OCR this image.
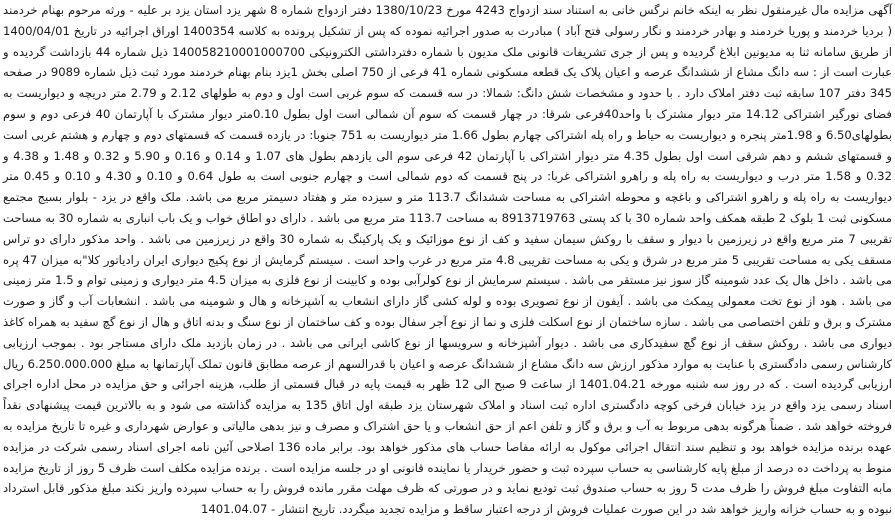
آگهی مزایده مال غیرمنقول نظر به اینکه خانم نرگس خانی به استناد سند ازدواج 4243 مورخ 1380/10/23 دفتر ازدواج شماره 8 شهر یزد استان یزد بر علیه - ورثه مرحوم بهنام خردمند ( بردیا خردمند و پوریا خردمند و بهادر خردمند و نگار رسولی فتح آباد ) مبادرت به صدور اجرائیه نموده که پس از تشکیل پرونده به کلاسه 1400354 اوراق اجرائیه در تاریخ 1400/04/01 از طریق سامانه ثنا به مدیونین ابلاغ گردیده و پس از جری تشریفات قانونی ملک مدیون با شماره دفترداشتی الکترونیکی 140058210001000700 ذیل شماره 44 بازداشت گردیده و عبارت است از : سه دانگ مشاع از ششدانگ عرصه و اعیان پلاک یک قطعه مسکونی شماره 41 فرعی از 750 اصلی بخش 1یزد بنام بهنام خردمند مورد ثبت ذیل شماره 9089 در صفحه 345 دفتر 107 سابقه ثبت دفتر املاک دارد . با حدود و مشخصات شش دانگ: شمالا: در سه قسمت که سوم غربی است اول و دوم به طولهای 2.12 و 2.79 متر دریچه و دیواریست به فضای نورگیر اشتراکی 14.12 متر دیوار مشترک با واحد40فرعی شرقا: در چهار قسمت که سوم آن شمالی است اول بطول 0.10متر دیوار مشترک با آپارتمان 40 فرعی دوم و سوم بطولهای6.50 و 1.98متر پنجره و دیواریست به حیاط و راه پله اشتراکی چهارم بطول 1.66 متر دیواریست به 751 جنوبا: در یازده قسمت که قسمتهای دوم و چهارم و هشتم غربی است و قسمتهای ششم و دهم شرقی است اول بطول 4.35 متر دیوار اشتراکی با آپارتمان 42 فرعی سوم الی یازدهم بطول های 1.07 و 0.14 و 0.16 و 5.90 و 0.32 و 1.48 و 4.38 و 0.32 و 1.58 متر درب و دیواریست به راه پله و راهرو اشتراکی غربا: در پنج قسمت که دوم شمالی است و چهارم جنوبی است به طول 0.64 و 0.10 و 4.30 و 0.10 و 0.45 متر دیواریست به راه پله و راهرو اشتراکی و باغچه و محوطه اشتراکی به مساحت ششدانگ 113.7 متر و سیزده متر و هفتاد دسیمتر مربع می باشد. ملک واقع در یزد - بلوار بسیج مجتمع مسکونی ثبت 1 بلوک 2 طبقه همکف واحد شماره 30 با کد پستی 8913719763 به مساحت 113.7 متر مربع می باشد . دارای دو اطاق خواب و یک باب انباری به شماره 30 به مساحت تقریبی 7 متر مربع واقع در زیرزمین با دیوار و سقف با روکش سیمان سفید و کف از نوع موزائیک و یک پارکینگ به شماره 30 واقع در زیرزمین می باشد . واحد مذکور دارای دو تراس مسقف یکی به مساحت تقریبی 5 متر مربع در شرق و یکی به مساحت تقریبی 4.8 متر مربع در غرب واحد است . سیستم گرمایش از نوع پکیج دیواری ایران رادیاتور کلا"به میزان 47 پره می باشد . داخل هال یک عدد شومینه گاز سوز نیز مستقر می باشد . سیستم سرمایش از نوع کولرآبی بوده و کابینت از نوع فلزی به میزان 4.5 متر دیواری و زمینی توام و 1.5 متر زمینی می باشد . هود از نوع تخت معمولی پیمکث می باشد . آیفون از نوع تصویری بوده و لوله کشی گاز دارای انشعاب به آشپزخانه و هال و شومینه می باشد . انشعابات آب و گاز و صورت مشترک و برق و تلفن اختصاصی می باشد . سازه ساختمان از نوع اسکلت فلزی و نما از نوع آجر سفال بوده و کف ساختمان از نوع سنگ و بدنه اتاق و هال از نوع گچ سفید به همراه کاغذ دیواری می باشد . روکش سقف از نوع گچ سفیدکاری می باشد . دیوار آشپزخانه و سرویسها از نوع کاشی ایرانی می باشد . در زمان بازدید ملک دارای مستاجر بود . بموجب ارزیابی کارشناس رسمی دادگستری با عنایت به موارد مذکور ارزش سه دانگ مشاع از ششدانگ عرصه و اعیان با قدرالسهم از عرصه مطابق قانون تملک آپارتمانها به مبلغ 6.250.000.000 ریال ارزیابی گردیده است . که در روز سه شنبه مورخه 1401.04.21 از ساعت 9 صبح الی 12 ظهر به قیمت پایه در قبال قسمتی از طلب، هزینه اجرائی و حق مزایده در محل اداره اجرای اسناد رسمی یزد واقع در یزد خیابان فرخی کوچه دادگستری اداره ثبت اسناد و املاک شهرستان یزد طبقه اول اتاق 135 به مزایده گذاشته می شود و به بالاترین قیمت پیشنهادی نقداً فروخته خواهد شد . ضمناً هرگونه بدهی مربوط به آب و برق و گاز و تلفن اعم از حق انشعاب و یا حق اشتراک و مصرف و نیز بدهی مالیاتی و عوارض شهرداری و غیره تا تاریخ مزایده به عهده برنده مزایده خواهد بود و تنظیم سند انتقال اجرائی موکول به ارائه مفاصا حساب های مذکور خواهد بود. برابر ماده 136 اصلاحی آئین نامه اجرای اسناد رسمی شرکت در مزایده منوط به پرداخت ده درصد از مبلغ پایه کارشناسی به حساب سپرده ثبت و حضور خریدار یا نماینده قانونی او در جلسه مزایده است . برنده مزایده مکلف است ظرف 5 روز از تاریخ مزایده مابه التفاوت مبلغ فروش را ظرف مدت 5 روز به حساب صندوق ثبت تودیع نماید و در صورتی که ظرف مهلت مقرر مانده فروش را به حساب سپرده واریز نکند مبلغ مذکور قابل استرداد نبوده و به حساب خزانه واریز خواهد شد در این صورت عملیات فروش از درجه اعتبار ساقط و مزایده تجدید میگردد. تاریخ انتشار - 1401.04.07
